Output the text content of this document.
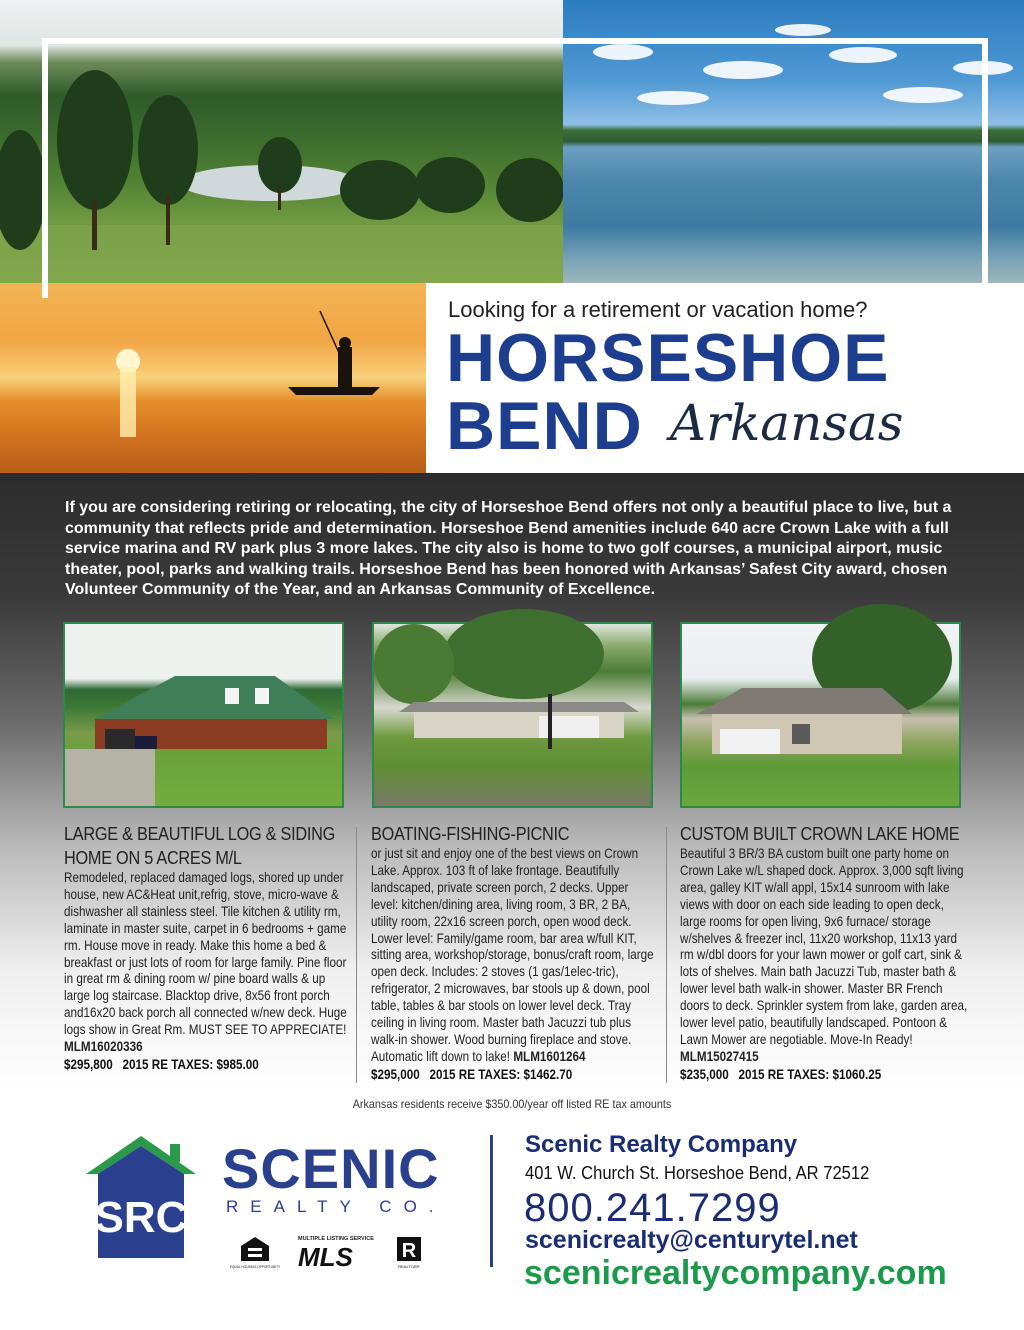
Looking for a retirement or vacation home?
HORSESHOE
BEND Arkansas

If you are considering retiring or relocating, the city of Horseshoe Bend offers not only a beautiful place to live, but a community that reflects pride and determination. Horseshoe Bend amenities include 640 acre Crown Lake with a full service marina and RV park plus 3 more lakes. The city also is home to two golf courses, a municipal airport, music theater, pool, parks and walking trails. Horseshoe Bend has been honored with Arkansas’ Safest City award, chosen Volunteer Community of the Year, and an Arkansas Community of Excellence.

LARGE & BEAUTIFUL LOG & SIDING HOME ON 5 ACRES M/L
Remodeled, replaced damaged logs, shored up under house, new AC&Heat unit,refrig, stove, micro-wave & dishwasher all stainless steel. Tile kitchen & utility rm, laminate in master suite, carpet in 6 bedrooms + game rm. House move in ready. Make this home a bed & breakfast or just lots of room for large family. Pine floor in great rm & dining room w/ pine board walls & up large log staircase. Blacktop drive, 8x56 front porch and16x20 back porch all connected w/new deck. Huge logs show in Great Rm. MUST SEE TO APPRECIATE! MLM16020336
$295,800 2015 RE TAXES: $985.00
BOATING-FISHING-PICNIC
or just sit and enjoy one of the best views on Crown Lake. Approx. 103 ft of lake frontage. Beautifully landscaped, private screen porch, 2 decks. Upper level: kitchen/dining area, living room, 3 BR, 2 BA, utility room, 22x16 screen porch, open wood deck. Lower level: Family/game room, bar area w/full KIT, sitting area, workshop/storage, bonus/craft room, large open deck. Includes: 2 stoves (1 gas/1elec-tric), refrigerator, 2 microwaves, bar stools up & down, pool table, tables & bar stools on lower level deck. Tray ceiling in living room. Master bath Jacuzzi tub plus walk-in shower. Wood burning fireplace and stove. Automatic lift down to lake! MLM1601264
$295,000 2015 RE TAXES: $1462.70
CUSTOM BUILT CROWN LAKE HOME
Beautiful 3 BR/3 BA custom built one party home on Crown Lake w/L shaped dock. Approx. 3,000 sqft living area, galley KIT w/all appl, 15x14 sunroom with lake views with door on each side leading to open deck, large rooms for open living, 9x6 furnace/ storage w/shelves & freezer incl, 11x20 workshop, 11x13 yard rm w/dbl doors for your lawn mower or golf cart, sink & lots of shelves. Main bath Jacuzzi Tub, master bath & lower level bath walk-in shower. Master BR French doors to deck. Sprinkler system from lake, garden area, lower level patio, beautifully landscaped. Pontoon & Lawn Mower are negotiable. Move-In Ready! MLM15027415
$235,000 2015 RE TAXES: $1060.25
Arkansas residents receive $350.00/year off listed RE tax amounts
SRC
SCENIC
REALTY CO.
EQUAL HOUSING OPPORTUNITY
MULTIPLE LISTING SERVICE
MLS R
REALTOR®
Scenic Realty Company
401 W. Church St. Horseshoe Bend, AR 72512
800.241.7299
scenicrealty@centurytel.net
scenicrealtycompany.com
